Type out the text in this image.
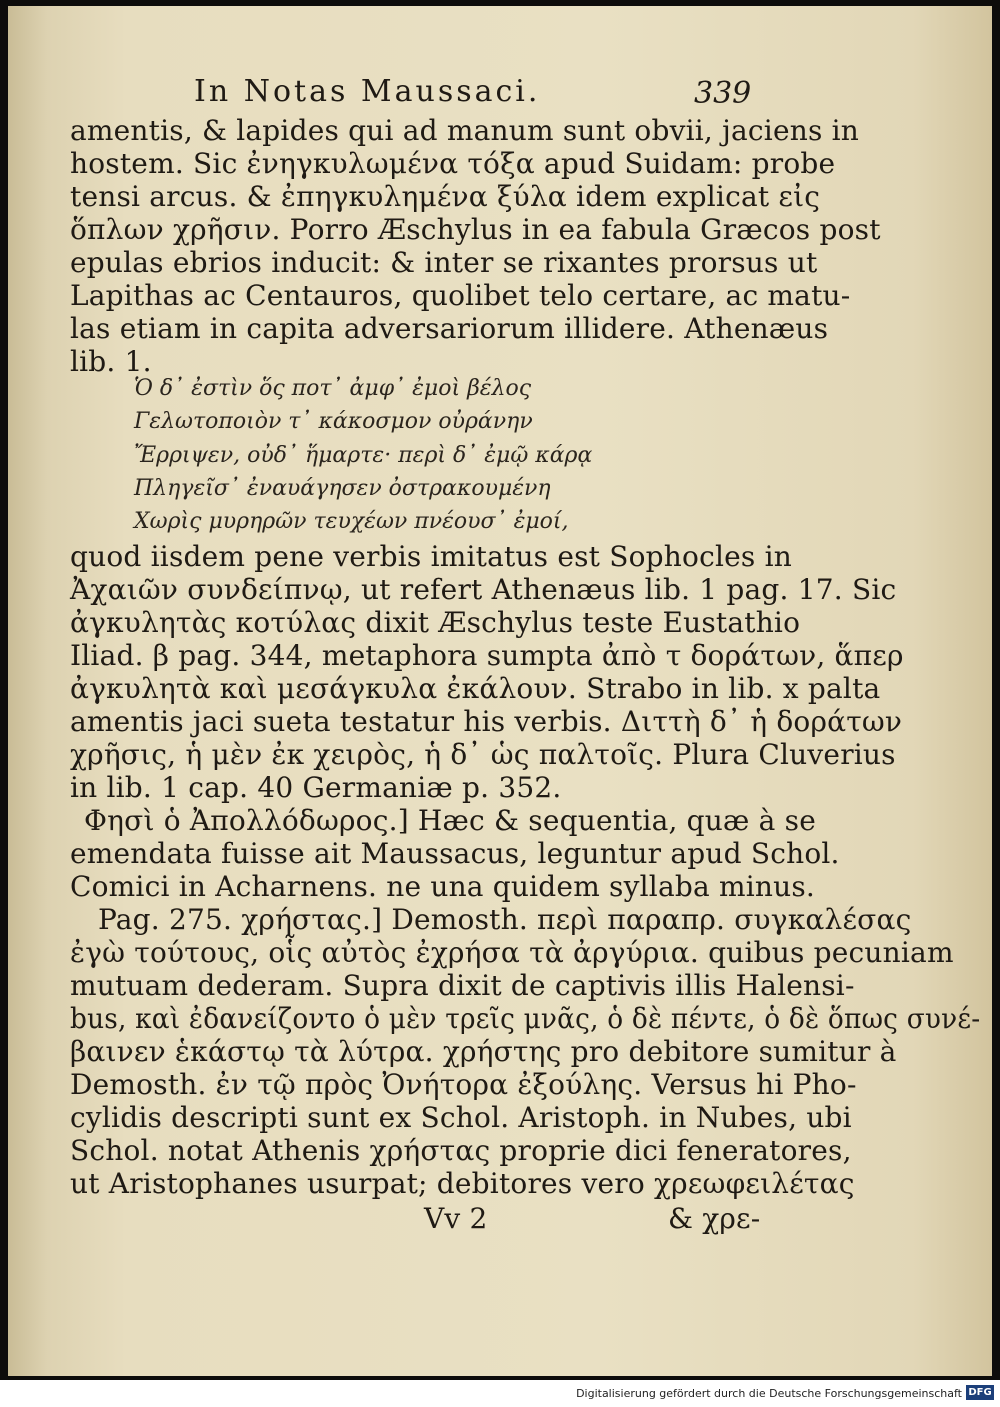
In Notas Maussaci.	339
amentis, & lapides qui ad manum sunt obvii, jaciens in
hostem. Sic ἐνηγκυλωμένα τόξα apud Suidam: probe
tensi arcus. & ἐπηγκυλημένα ξύλα idem explicat εἰς
ὅπλων χρῆσιν. Porro Æschylus in ea fabula Græcos post
epulas ebrios inducit: & inter se rixantes prorsus ut
Lapithas ac Centauros, quolibet telo certare, ac matu-
las etiam in capita adversariorum illidere. Athenæus
lib. 1.
Ὁ δ᾿ ἐστὶν ὅς ποτ᾿ ἀμφ᾿ ἐμοὶ βέλος
Γελωτοποιὸν τ᾿ κάκοσμον οὐράνην
Ἔρριψεν, οὐδ᾿ ἥμαρτε· περὶ δ᾿ ἐμῷ κάρᾳ
Πληγεῖσ᾿ ἐναυάγησεν ὀστρακουμένη
Χωρὶς μυρηρῶν τευχέων πνέουσ᾿ ἐμοί,
quod iisdem pene verbis imitatus est Sophocles in
Ἀχαιῶν συνδείπνῳ, ut refert Athenæus lib. 1 pag. 17. Sic
ἀγκυλητὰς κοτύλας dixit Æschylus teste Eustathio
Iliad. β pag. 344, metaphora sumpta ἀπὸ τ δοράτων, ἅπερ
ἀγκυλητὰ καὶ μεσάγκυλα ἐκάλουν. Strabo in lib. x palta
amentis jaci sueta testatur his verbis. Διττὴ δ᾿ ἡ δοράτων
χρῆσις, ἡ μὲν ἐκ χειρὸς, ἡ δ᾿ ὡς παλτοῖς. Plura Cluverius
in lib. 1 cap. 40 Germaniæ p. 352.
Φησὶ ὁ Ἀπολλόδωρος.] Hæc & sequentia, quæ à se
emendata fuisse ait Maussacus, leguntur apud Schol.
Comici in Acharnens. ne una quidem syllaba minus.
Pag. 275. χρήστας.] Demosth. περὶ παραπρ. συγκαλέσας
ἐγὼ τούτους, οἷς αὐτὸς ἐχρήσα τὰ ἀργύρια. quibus pecuniam
mutuam dederam. Supra dixit de captivis illis Halensi-
bus, καὶ ἐδανείζοντο ὁ μὲν τρεῖς μνᾶς, ὁ δὲ πέντε, ὁ δὲ ὅπως συνέ-
βαινεν ἑκάστῳ τὰ λύτρα. χρήστης pro debitore sumitur à
Demosth. ἐν τῷ πρὸς Ὀνήτορα ἐξούλης. Versus hi Pho-
cylidis descripti sunt ex Schol. Aristoph. in Nubes, ubi
Schol. notat Athenis χρήστας proprie dici feneratores,
ut Aristophanes usurpat; debitores vero χρεωφειλέτας
Vv 2	& χρε-
Digitalisierung gefördert durch die Deutsche Forschungsgemeinschaft DFG
